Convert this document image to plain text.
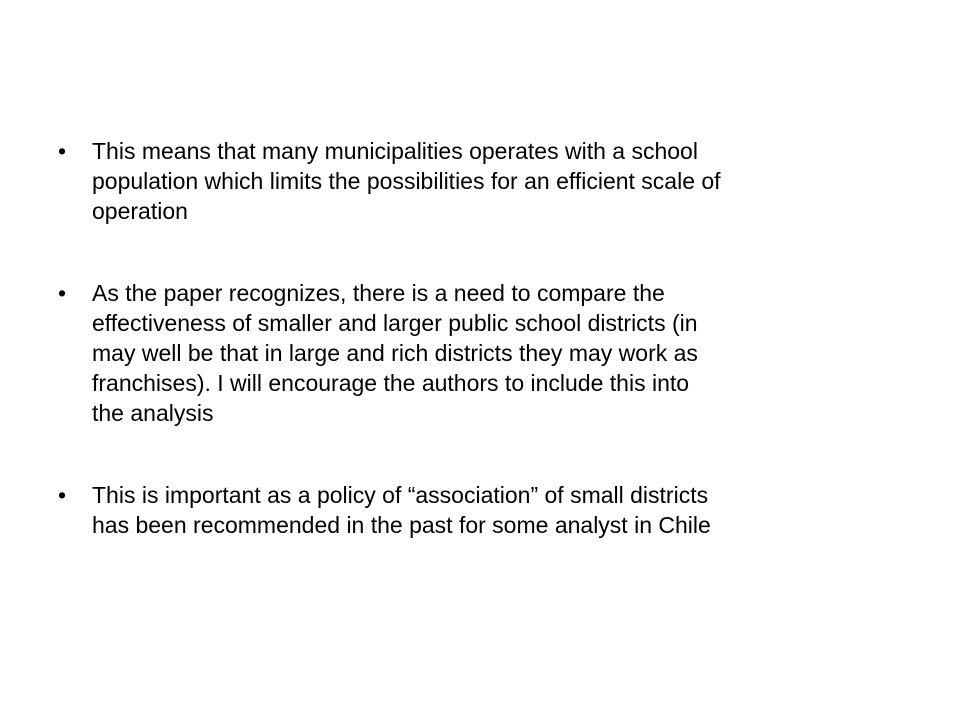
•	This means that many municipalities operates with a school
population which limits the possibilities for an efficient scale of
operation
•	As the paper recognizes, there is a need to compare the
effectiveness of smaller and larger public school districts (in
may well be that in large and rich districts they may work as
franchises). I will encourage the authors to include this into
the analysis
•	This is important as a policy of “association” of small districts
has been recommended in the past for some analyst in Chile
